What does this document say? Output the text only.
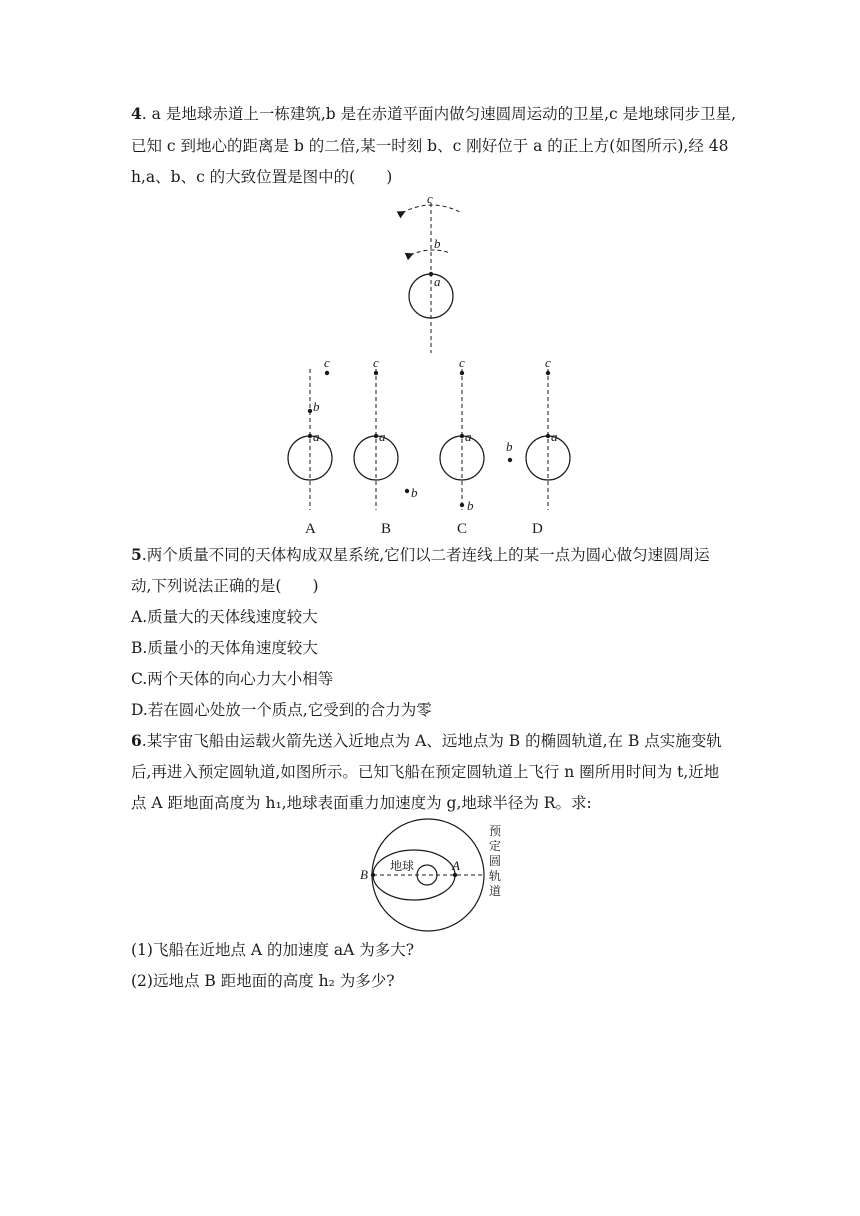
4. a 是地球赤道上一栋建筑,b 是在赤道平面内做匀速圆周运动的卫星,c 是地球同步卫星,
已知 c 到地心的距离是 b 的二倍,某一时刻 b、c 刚好位于 a 的正上方(如图所示),经 48
h,a、b、c 的大致位置是图中的(　　)
c
b
a
a
b
c
A
a
c
b
B
a
c
b
C
a
c
b
D
5.两个质量不同的天体构成双星系统,它们以二者连线上的某一点为圆心做匀速圆周运
动,下列说法正确的是(　　)
A.质量大的天体线速度较大
B.质量小的天体角速度较大
C.两个天体的向心力大小相等
D.若在圆心处放一个质点,它受到的合力为零
6.某宇宙飞船由运载火箭先送入近地点为 A、远地点为 B 的椭圆轨道,在 B 点实施变轨
后,再进入预定圆轨道,如图所示。已知飞船在预定圆轨道上飞行 n 圈所用时间为 t,近地
点 A 距地面高度为 h₁,地球表面重力加速度为 g,地球半径为 R。求:
地球
B
A
预
定
圆
轨
道
(1)飞船在近地点 A 的加速度 aA 为多大?
(2)远地点 B 距地面的高度 h₂ 为多少?
